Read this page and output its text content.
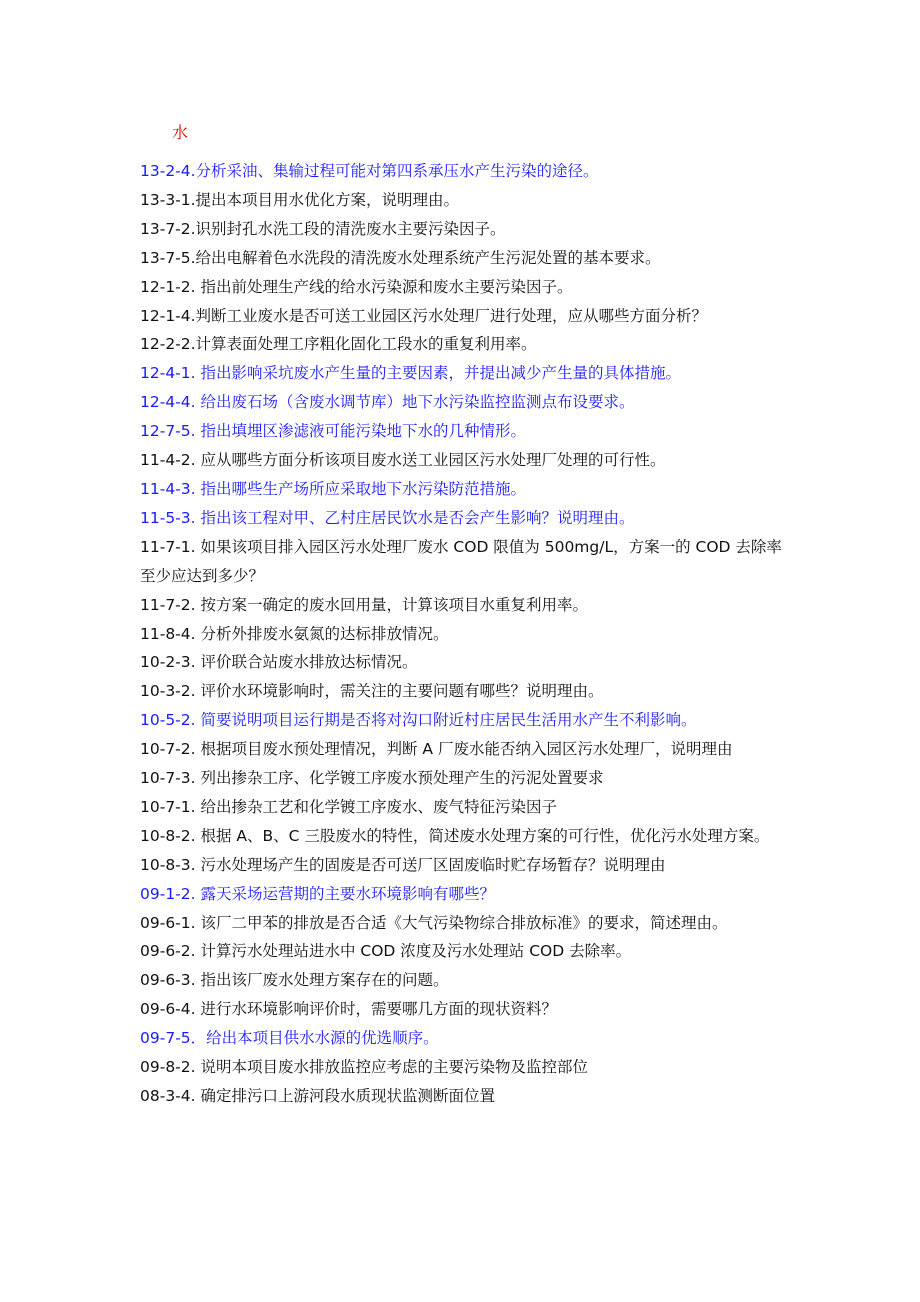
水
13-2-4.分析采油、集输过程可能对第四系承压水产生污染的途径。
13-3-1.提出本项目用水优化方案，说明理由。
13-7-2.识别封孔水洗工段的清洗废水主要污染因子。
13-7-5.给出电解着色水洗段的清洗废水处理系统产生污泥处置的基本要求。
12-1-2. 指出前处理生产线的给水污染源和废水主要污染因子。
12-1-4.判断工业废水是否可送工业园区污水处理厂进行处理，应从哪些方面分析？
12-2-2.计算表面处理工序粗化固化工段水的重复利用率。
12-4-1. 指出影响采坑废水产生量的主要因素，并提出减少产生量的具体措施。
12-4-4. 给出废石场（含废水调节库）地下水污染监控监测点布设要求。
12-7-5. 指出填埋区渗滤液可能污染地下水的几种情形。
11-4-2. 应从哪些方面分析该项目废水送工业园区污水处理厂处理的可行性。
11-4-3. 指出哪些生产场所应采取地下水污染防范措施。
11-5-3. 指出该工程对甲、乙村庄居民饮水是否会产生影响？说明理由。
11-7-1. 如果该项目排入园区污水处理厂废水 COD 限值为 500mg/L，方案一的 COD 去除率至少应达到多少？
11-7-2. 按方案一确定的废水回用量，计算该项目水重复利用率。
11-8-4. 分析外排废水氨氮的达标排放情况。
10-2-3. 评价联合站废水排放达标情况。
10-3-2. 评价水环境影响时，需关注的主要问题有哪些？说明理由。
10-5-2. 简要说明项目运行期是否将对沟口附近村庄居民生活用水产生不利影响。
10-7-2. 根据项目废水预处理情况，判断 A 厂废水能否纳入园区污水处理厂，说明理由
10-7-3. 列出掺杂工序、化学镀工序废水预处理产生的污泥处置要求
10-7-1. 给出掺杂工艺和化学镀工序废水、废气特征污染因子
10-8-2. 根据 A、B、C 三股废水的特性，简述废水处理方案的可行性，优化污水处理方案。
10-8-3. 污水处理场产生的固废是否可送厂区固废临时贮存场暂存？说明理由
09-1-2. 露天采场运营期的主要水环境影响有哪些？
09-6-1. 该厂二甲苯的排放是否合适《大气污染物综合排放标准》的要求，简述理由。
09-6-2. 计算污水处理站进水中 COD 浓度及污水处理站 COD 去除率。
09-6-3. 指出该厂废水处理方案存在的问题。
09-6-4. 进行水环境影响评价时，需要哪几方面的现状资料？
09-7-5．给出本项目供水水源的优选顺序。
09-8-2. 说明本项目废水排放监控应考虑的主要污染物及监控部位
08-3-4. 确定排污口上游河段水质现状监测断面位置
